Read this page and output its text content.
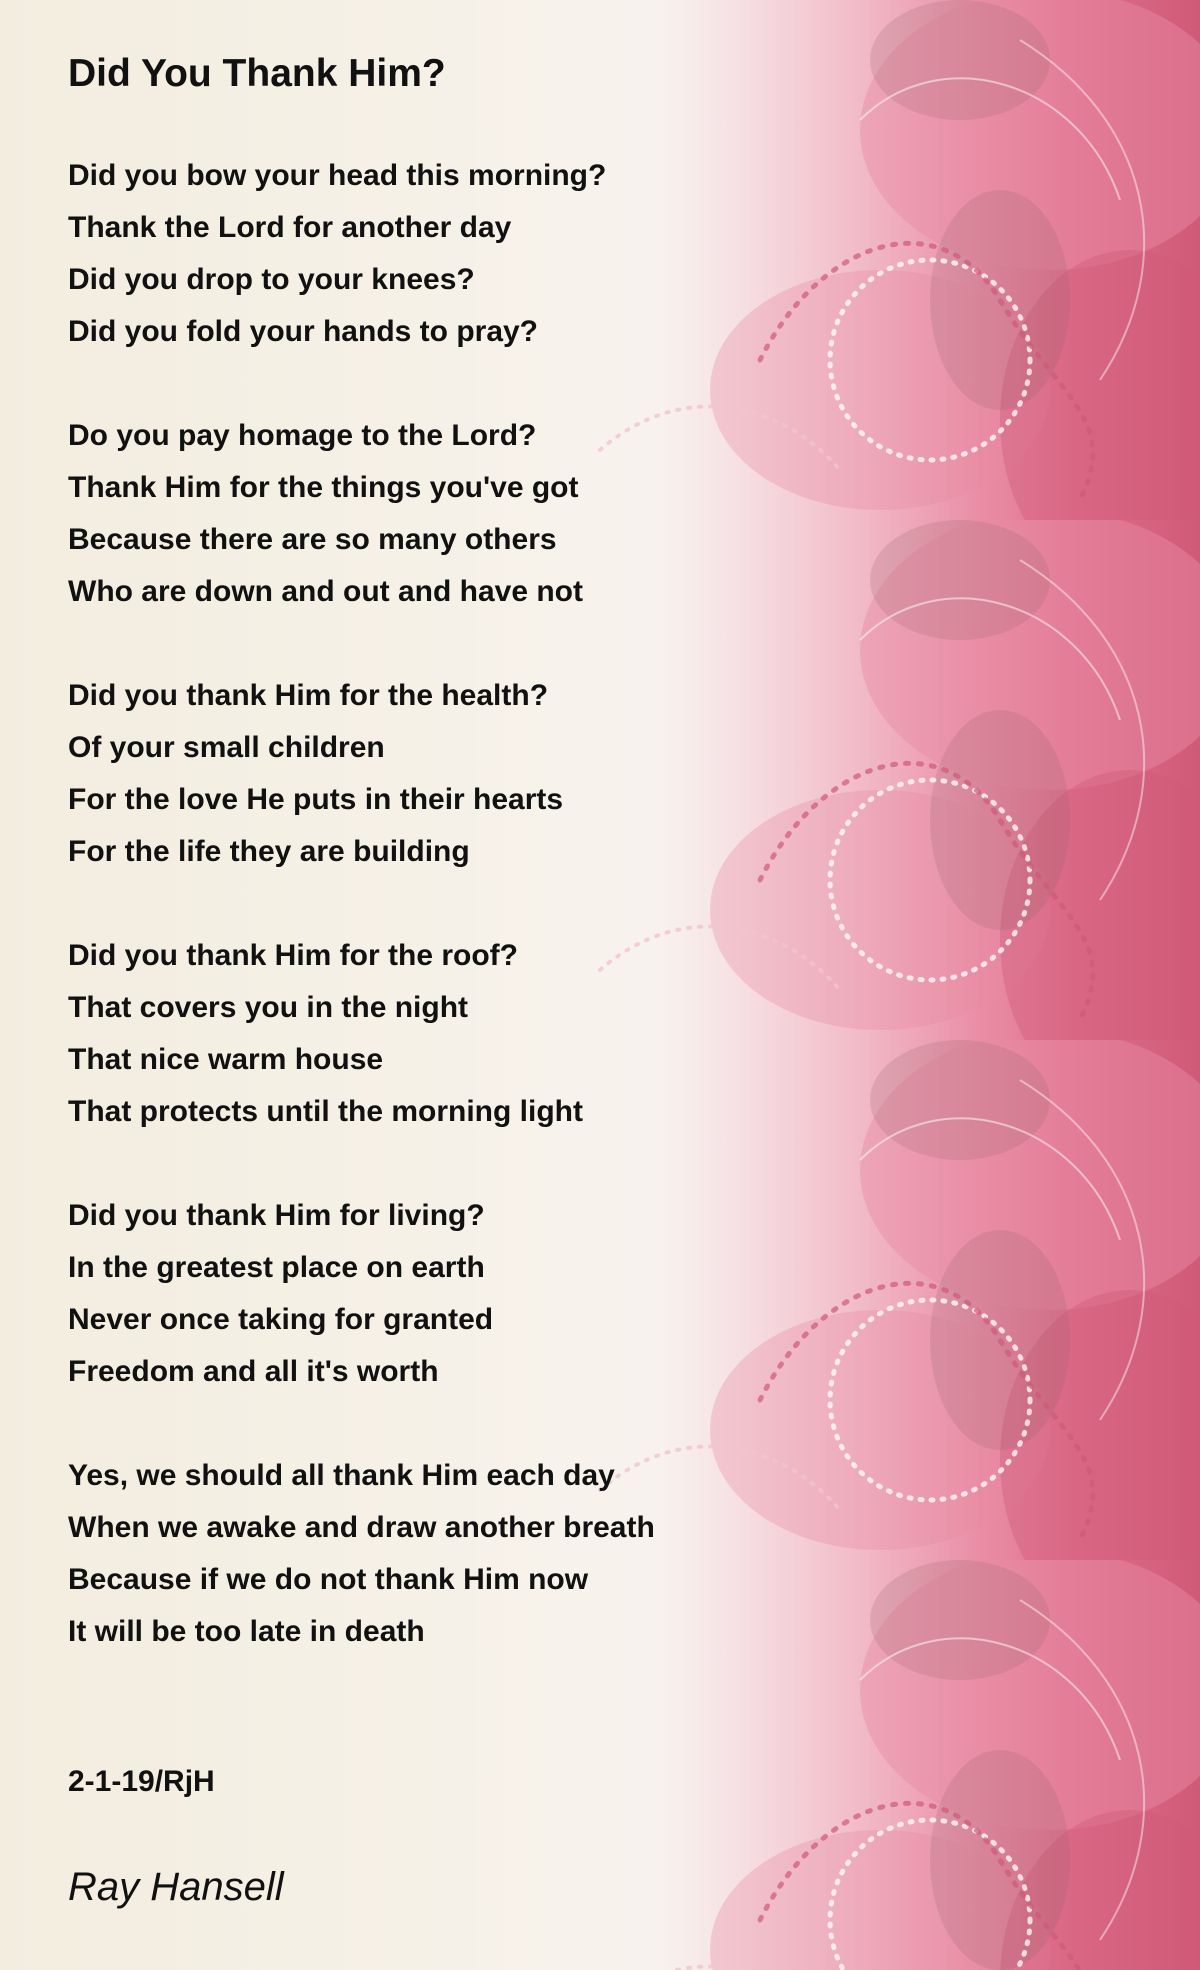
Did You Thank Him?
Did you bow your head this morning?
Thank the Lord for another day
Did you drop to your knees?
Did you fold your hands to pray?
Do you pay homage to the Lord?
Thank Him for the things you've got
Because there are so many others
Who are down and out and have not
Did you thank Him for the health?
Of your small children
For the love He puts in their hearts
For the life they are building
Did you thank Him for the roof?
That covers you in the night
That nice warm house
That protects until the morning light
Did you thank Him for living?
In the greatest place on earth
Never once taking for granted
Freedom and all it's worth
Yes, we should all thank Him each day
When we awake and draw another breath
Because if we do not thank Him now
It will be too late in death
2-1-19/RjH
Ray Hansell
